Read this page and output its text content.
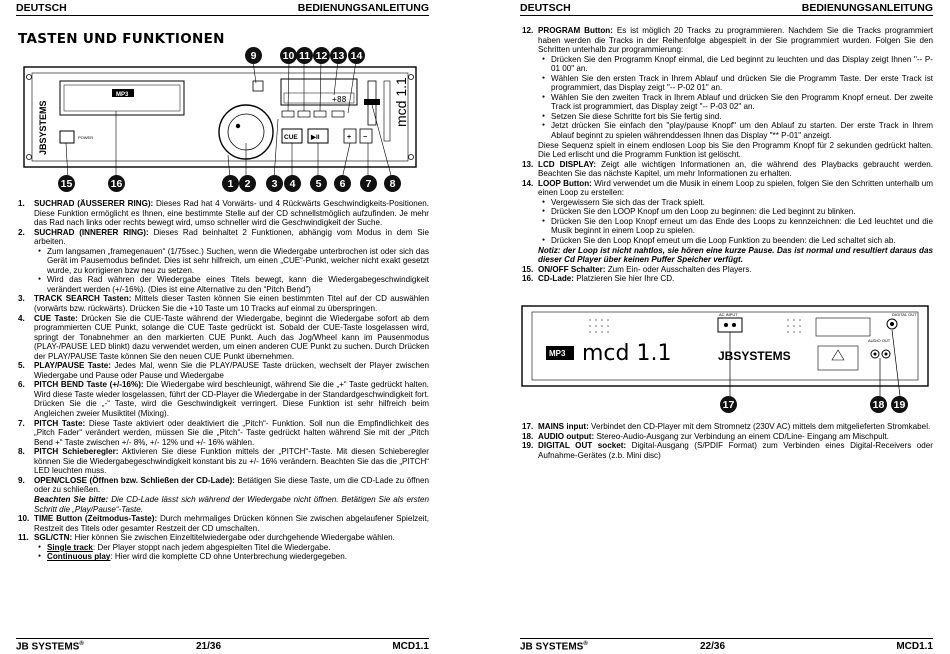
DEUTSCH	BEDIENUNGSANLEITUNG
TASTEN UND FUNKTIONEN
JBSYSTEMS
MP3
POWER
+88
CUE ▶II	+ −
mcd 1.1
9	10 11 12 13 14
15	16	1	2	3	4	5	6	7	8
1. SUCHRAD (ÄUSSERER RING): Dieses Rad hat 4 Vorwärts- und 4 Rückwärts Geschwindigkeits-Positionen. Diese Funktion ermöglicht es Ihnen, eine bestimmte Stelle auf der CD schnellstmöglich aufzufinden. Je mehr das Rad nach links oder rechts bewegt wird, umso schneller wird die Geschwindigkeit der Suche.
2. SUCHRAD (INNERER RING): Dieses Rad beinhaltet 2 Funktionen, abhängig vom Modus in dem Sie arbeiten.
● Zum langsamen „framegenauen“ (1/75sec.) Suchen, wenn die Wiedergabe unterbrochen ist oder sich das Gerät im Pausemodus befindet. Dies ist sehr hilfreich, um einen „CUE“-Punkt, welcher nicht exakt gesetzt wurde, zu korrigieren bzw neu zu setzen.
● Wird das Rad währen der Wiedergabe eines Titels bewegt, kann die Wiedergabegeschwindigkeit verändert werden (+/-16%). (Dies ist eine Alternative zu den “Pitch Bend”)
3. TRACK SEARCH Tasten: Mittels dieser Tasten können Sie einen bestimmten Titel auf der CD auswählen (vorwärts bzw. rückwärts). Drücken Sie die +10 Taste um 10 Tracks auf einmal zu überspringen.
4. CUE Taste: Drücken Sie die CUE-Taste während der Wiedergabe, beginnt die Wiedergabe sofort ab dem programmierten CUE Punkt, solange die CUE Taste gedrückt ist. Sobald der CUE-Taste losgelassen wird, springt der Tonabnehmer an den markierten CUE Punkt. Auch das Jog/Wheel kann im Pausenmodus (PLAY-/PAUSE LED blinkt) dazu verwendet werden, um einen anderen CUE Punkt zu suchen. Durch Drücken der PLAY/PAUSE Taste können Sie den neuen CUE Punkt übernehmen.
5. PLAY/PAUSE Taste: Jedes Mal, wenn Sie die PLAY/PAUSE Taste drücken, wechselt der Player zwischen Wiedergabe und Pause oder Pause und Wiedergabe
6. PITCH BEND Taste (+/-16%): Die Wiedergabe wird beschleunigt, während Sie die „+“ Taste gedrückt halten. Wird diese Taste wieder losgelassen, führt der CD-Player die Wiedergabe in der Standardgeschwindigkeit fort. Drücken Sie die „-“ Taste, wird die Geschwindigkeit verringert. Diese Funktion ist sehr hilfreich beim Angleichen zweier Musiktitel (Mixing).
7. PITCH Taste: Diese Taste aktiviert oder deaktiviert die „Pitch“- Funktion. Soll nun die Empfindlichkeit des „Pitch Fader“ verändert werden, müssen Sie die „Pitch“- Taste gedrückt halten während Sie mit der „Pitch Bend +“ Taste zwischen +/- 8%, +/- 12% und +/- 16% wählen.
8. PITCH Schieberegler: Aktivieren Sie diese Funktion mittels der „PITCH“-Taste. Mit diesen Schieberegler können Sie die Wiedergabegeschwindigkeit konstant bis zu +/- 16% verändern. Beachten Sie das die „PITCH“ LED leuchten muss.
9. OPEN/CLOSE (Öffnen bzw. Schließen der CD-Lade): Betätigen Sie diese Taste, um die CD-Lade zu öffnen oder zu schließen.
Beachten Sie bitte: Die CD-Lade lässt sich während der Wiedergabe nicht öffnen. Betätigen Sie als ersten Schritt die „Play/Pause“-Taste.
10. TIME Button (Zeitmodus-Taste): Durch mehrmaliges Drücken können Sie zwischen abgelaufener Spielzeit, Restzeit des Titels oder gesamter Restzeit der CD umschalten.
11. SGL/CTN: Hier können Sie zwischen Einzeltitelwiedergabe oder durchgehende Wiedergabe wählen.
● Single track: Der Player stoppt nach jedem abgespielten Titel die Wiedergabe.
● Continuous play: Hier wird die komplette CD ohne Unterbrechung wiedergegeben.
JB SYSTEMS®	21/36	MCD1.1
DEUTSCH	BEDIENUNGSANLEITUNG
12. PROGRAM Button: Es ist möglich 20 Tracks zu programmieren. Nachdem Sie die Tracks programmiert haben werden die Tracks in der Reihenfolge abgespielt in der Sie programmiert wurden. Folgen Sie den Schritten unterhalb zur programmierung:
● Drücken Sie den Programm Knopf einmal, die Led beginnt zu leuchten und das Display zeigt Ihnen "-- P-01 00" an.
● Wählen Sie den ersten Track in Ihrem Ablauf und drücken Sie die Programm Taste. Der erste Track ist programmiert, das Display zeigt "-- P-02 01" an.
● Wählen Sie den zweiten Track in Ihrem Ablauf und drücken Sie den Programm Knopf erneut. Der zweite Track ist programmiert, das Display zeigt "-- P-03 02" an.
● Setzen Sie diese Schritte fort bis Sie fertig sind.
● Jetzt drücken Sie einfach den "play/pause Knopf" um den Ablauf zu starten. Der erste Track in Ihrem Ablauf beginnt zu spielen währenddessen Ihnen das Display "** P-01" anzeigt.
Diese Sequenz spielt in einem endlosen Loop bis Sie den Programm Knopf für 2 sekunden gedrückt halten. Die Led erlischt und die Programm Funktion ist gelöscht.
13. LCD DISPLAY: Zeigt alle wichtigen Informationen an, die während des Playbacks gebraucht werden. Beachten Sie das nächste Kapitel, um mehr Informationen zu erhalten.
14. LOOP Button: Wird verwendet um die Musik in einem Loop zu spielen, folgen Sie den Schritten unterhalb um einen Loop zu erstellen:
● Vergewissern Sie sich das der Track spielt.
● Drücken Sie den LOOP Knopf um den Loop zu beginnen: die Led beginnt zu blinken.
● Drücken Sie den Loop Knopf erneut um das Ende des Loops zu kennzeichnen: die Led leuchtet und die Musik beginnt in einem Loop zu spielen.
● Drücken Sie den Loop Knopf erneut um die Loop Funktion zu beenden: die Led schaltet sich ab.
Notiz: der Loop ist nicht nahtlos, sie hören eine kurze Pause. Das ist normal und resultiert daraus das dieser Cd Player über keinen Puffer Speicher verfügt.
15. ON/OFF Schalter: Zum Ein- oder Ausschalten des Players.
16. CD-Lade: Platzieren Sie hier Ihre CD.
AC INPUT
MP3 mcd 1.1	JBSYSTEMS
AUDIO OUT
DIGITAL OUT
17	18 19
17. MAINS input: Verbindet den CD-Player mit dem Stromnetz (230V AC) mittels dem mitgelieferten Stromkabel.
18. AUDIO output: Stereo-Audio-Ausgang zur Verbindung an einem CD/Line- Eingang am Mischpult.
19. DIGITAL OUT socket: Digital-Ausgang (S/PDIF Format) zum Verbinden eines Digital-Receivers oder Aufnahme-Gerätes (z.b. Mini disc)
JB SYSTEMS®	22/36	MCD1.1
